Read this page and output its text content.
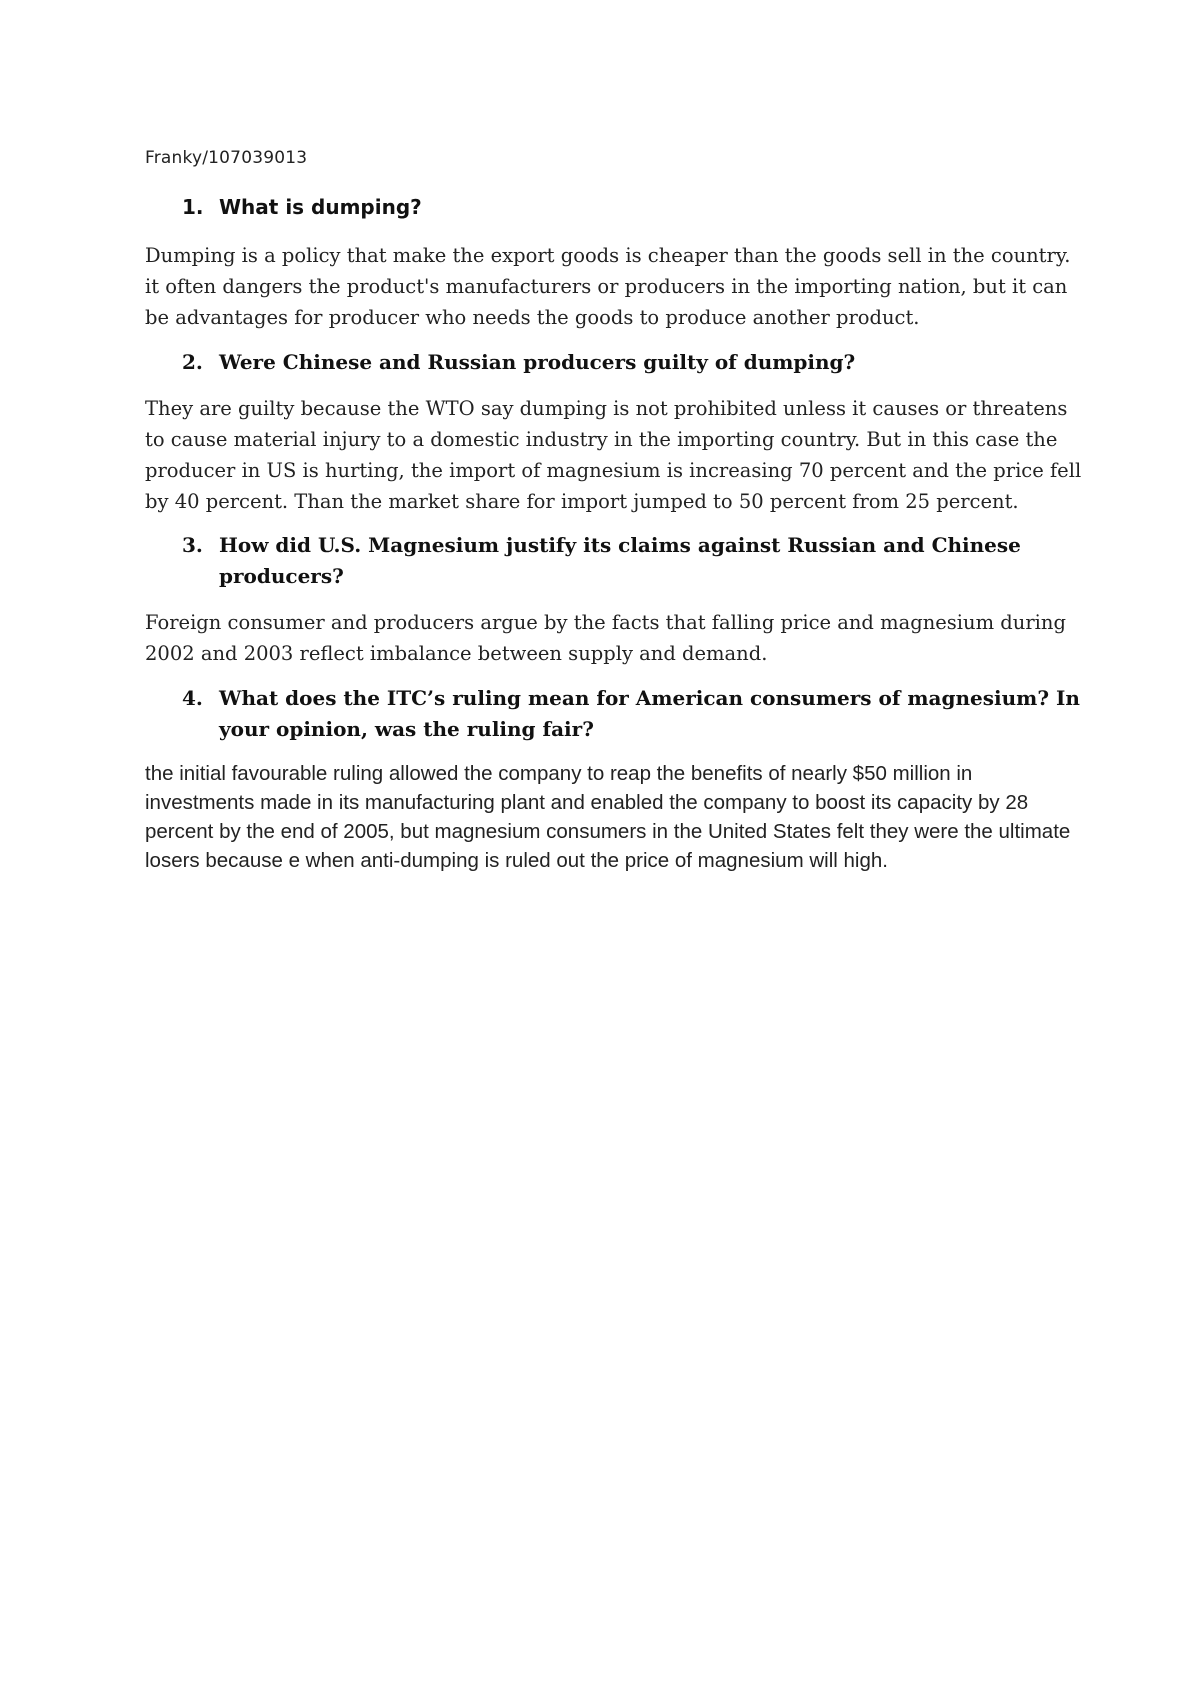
Franky/107039013
1. What is dumping?

Dumping is a policy that make the export goods is cheaper than the goods sell in the country. it often dangers the product's manufacturers or producers in the importing nation, but it can be advantages for producer who needs the goods to produce another product.

2. Were Chinese and Russian producers guilty of dumping?

They are guilty because the WTO say dumping is not prohibited unless it causes or threatens to cause material injury to a domestic industry in the importing country. But in this case the producer in US is hurting, the import of magnesium is increasing 70 percent and the price fell by 40 percent. Than the market share for import jumped to 50 percent from 25 percent.

3. How did U.S. Magnesium justify its claims against Russian and Chinese producers?

Foreign consumer and producers argue by the facts that falling price and magnesium during 2002 and 2003 reflect imbalance between supply and demand.

4. What does the ITC’s ruling mean for American consumers of magnesium? In your opinion, was the ruling fair?

the initial favourable ruling allowed the company to reap the benefits of nearly $50 million in investments made in its manufacturing plant and enabled the company to boost its capacity by 28 percent by the end of 2005, but magnesium consumers in the United States felt they were the ultimate losers because e when anti-dumping is ruled out the price of magnesium will high.
